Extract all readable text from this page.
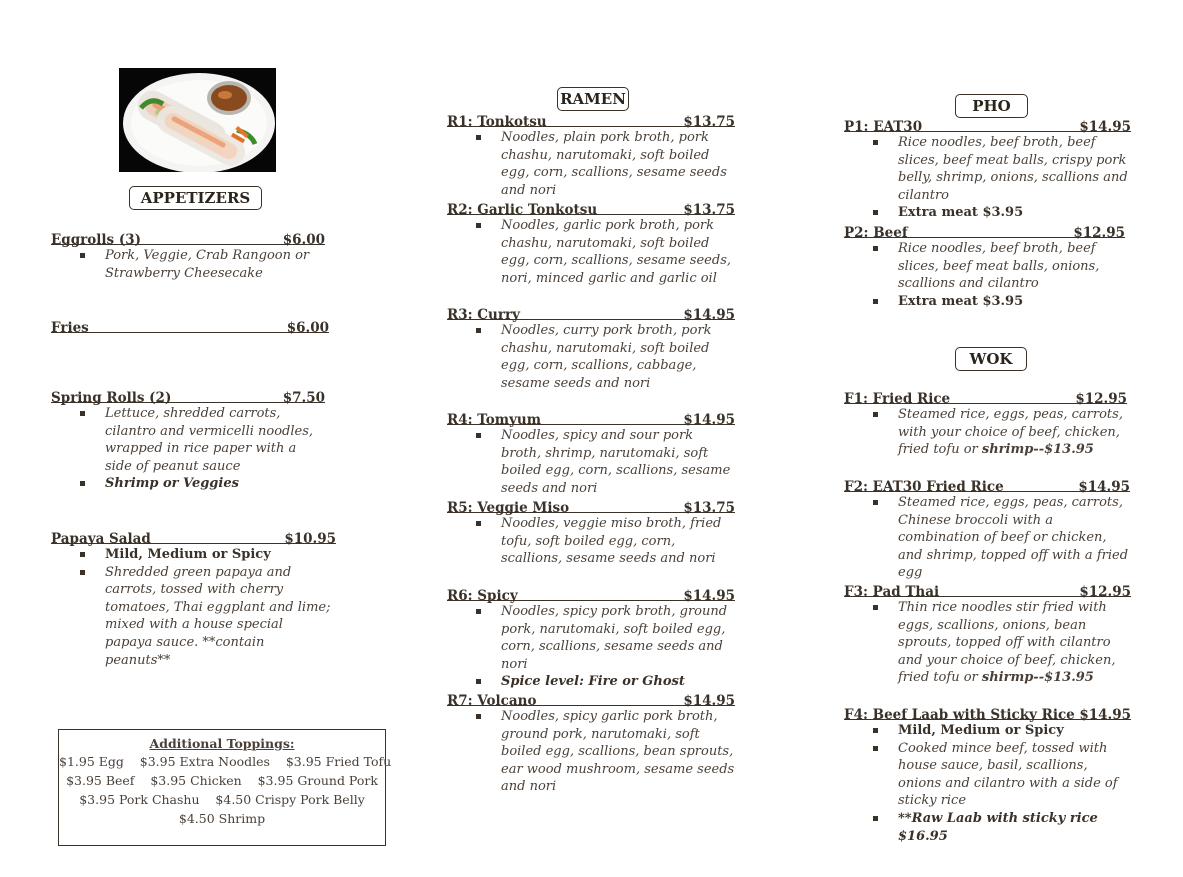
APPETIZERS
Eggrolls (3)	$6.00
Pork, Veggie, Crab Rangoon or Strawberry Cheesecake
Fries	$6.00
Spring Rolls (2)	$7.50
Lettuce, shredded carrots, cilantro and vermicelli noodles, wrapped in rice paper with a side of peanut sauce
Shrimp or Veggies
Papaya Salad	$10.95
Mild, Medium or Spicy
Shredded green papaya and carrots, tossed with cherry tomatoes, Thai eggplant and lime; mixed with a house special papaya sauce. **contain peanuts**
Additional Toppings:
$1.95 Egg    $3.95 Extra Noodles    $3.95 Fried Tofu
$3.95 Beef    $3.95 Chicken    $3.95 Ground Pork
$3.95 Pork Chashu    $4.50 Crispy Pork Belly
$4.50 Shrimp
RAMEN
R1: Tonkotsu	$13.75
Noodles, plain pork broth, pork chashu, narutomaki, soft boiled egg, corn, scallions, sesame seeds and nori
R2: Garlic Tonkotsu	$13.75
Noodles, garlic pork broth, pork chashu, narutomaki, soft boiled egg, corn, scallions, sesame seeds, nori, minced garlic and garlic oil
R3: Curry	$14.95
Noodles, curry pork broth, pork chashu, narutomaki, soft boiled egg, corn, scallions, cabbage, sesame seeds and nori
R4: Tomyum	$14.95
Noodles, spicy and sour pork broth, shrimp, narutomaki, soft boiled egg, corn, scallions, sesame seeds and nori
R5: Veggie Miso	$13.75
Noodles, veggie miso broth, fried tofu, soft boiled egg, corn, scallions, sesame seeds and nori
R6: Spicy	$14.95
Noodles, spicy pork broth, ground pork, narutomaki, soft boiled egg, corn, scallions, sesame seeds and nori
Spice level: Fire or Ghost
R7: Volcano	$14.95
Noodles, spicy garlic pork broth, ground pork, narutomaki, soft boiled egg, scallions, bean sprouts, ear wood mushroom, sesame seeds and nori
PHO
P1: EAT30	$14.95
Rice noodles, beef broth, beef slices, beef meat balls, crispy pork belly, shrimp, onions, scallions and cilantro
Extra meat $3.95
P2: Beef	$12.95
Rice noodles, beef broth, beef slices, beef meat balls, onions, scallions and cilantro
Extra meat $3.95
WOK
F1: Fried Rice	$12.95
Steamed rice, eggs, peas, carrots, with your choice of beef, chicken, fried tofu or shrimp--$13.95
F2: EAT30 Fried Rice	$14.95
Steamed rice, eggs, peas, carrots, Chinese broccoli with a combination of beef or chicken, and shrimp, topped off with a fried egg
F3: Pad Thai	$12.95
Thin rice noodles stir fried with eggs, scallions, onions, bean sprouts, topped off with cilantro and your choice of beef, chicken, fried tofu or shirmp--$13.95
F4: Beef Laab with Sticky Rice $14.95
Mild, Medium or Spicy
Cooked mince beef, tossed with house sauce, basil, scallions, onions and cilantro with a side of sticky rice
**Raw Laab with sticky rice $16.95
